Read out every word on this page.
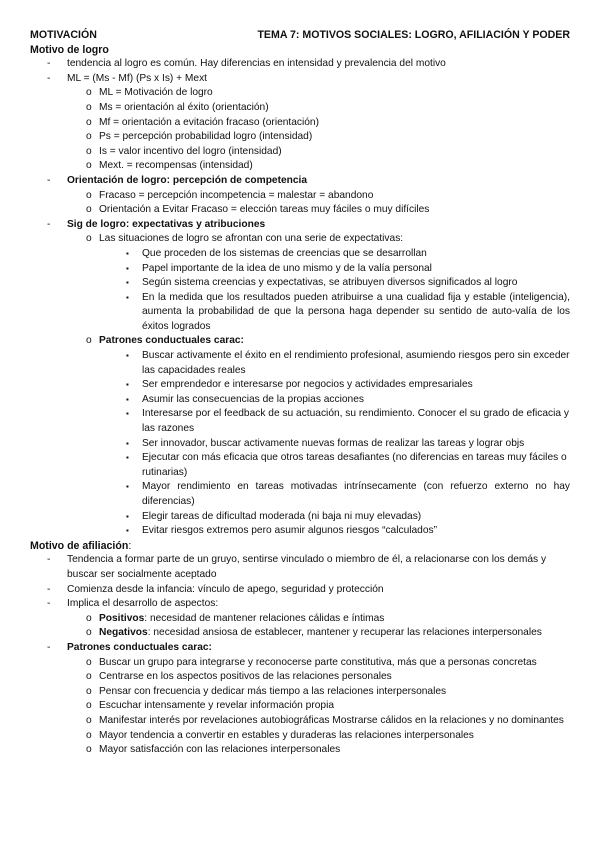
MOTIVACIÓN	TEMA 7: MOTIVOS SOCIALES: LOGRO, AFILIACIÓN Y PODER
Motivo de logro
-	tendencia al logro es común. Hay diferencias en intensidad y prevalencia del motivo
-	ML = (Ms - Mf) (Ps x Is) + Mext
o ML = Motivación de logro
o Ms = orientación al éxito (orientación)
o Mf = orientación a evitación fracaso (orientación)
o Ps = percepción probabilidad logro (intensidad)
o Is = valor incentivo del logro (intensidad)
o Mext. = recompensas (intensidad)
-	Orientación de logro: percepción de competencia
o Fracaso = percepción incompetencia = malestar = abandono
o Orientación a Evitar Fracaso = elección tareas muy fáciles o muy difíciles
-	Sig de logro: expectativas y atribuciones
o Las situaciones de logro se afrontan con una serie de expectativas:
▪	Que proceden de los sistemas de creencias que se desarrollan
▪	Papel importante de la idea de uno mismo y de la valía personal
▪	Según sistema creencias y expectativas, se atribuyen diversos significados al logro
▪	En la medida que los resultados pueden atribuirse a una cualidad fija y estable (inteligencia), aumenta la probabilidad de que la persona haga depender su sentido de auto-valía de los éxitos logrados
o Patrones conductuales carac:
▪	Buscar activamente el éxito en el rendimiento profesional, asumiendo riesgos pero sin exceder las capacidades reales
▪	Ser emprendedor e interesarse por negocios y actividades empresariales
▪	Asumir las consecuencias de la propias acciones
▪	Interesarse por el feedback de su actuación, su rendimiento. Conocer el su grado de eficacia y las razones
▪	Ser innovador, buscar activamente nuevas formas de realizar las tareas y lograr objs
▪	Ejecutar con más eficacia que otros tareas desafiantes (no diferencias en tareas muy fáciles o rutinarias)
▪	Mayor rendimiento en tareas motivadas intrínsecamente (con refuerzo externo no hay diferencias)
▪	Elegir tareas de dificultad moderada (ni baja ni muy elevadas)
▪	Evitar riesgos extremos pero asumir algunos riesgos “calculados”
Motivo de afiliación:
-	Tendencia a formar parte de un gruyo, sentirse vinculado o miembro de él, a relacionarse con los demás y buscar ser socialmente aceptado
-	Comienza desde la infancia: vínculo de apego, seguridad y protección
-	Implica el desarrollo de aspectos:
o Positivos: necesidad de mantener relaciones cálidas e íntimas
o Negativos: necesidad ansiosa de establecer, mantener y recuperar las relaciones interpersonales
-	Patrones conductuales carac:
o Buscar un grupo para integrarse y reconocerse parte constitutiva, más que a personas concretas
o Centrarse en los aspectos positivos de las relaciones personales
o Pensar con frecuencia y dedicar más tiempo a las relaciones interpersonales
o Escuchar intensamente y revelar información propia
o Manifestar interés por revelaciones autobiográficas Mostrarse cálidos en la relaciones y no dominantes
o Mayor tendencia a convertir en estables y duraderas las relaciones interpersonales
o Mayor satisfacción con las relaciones interpersonales
